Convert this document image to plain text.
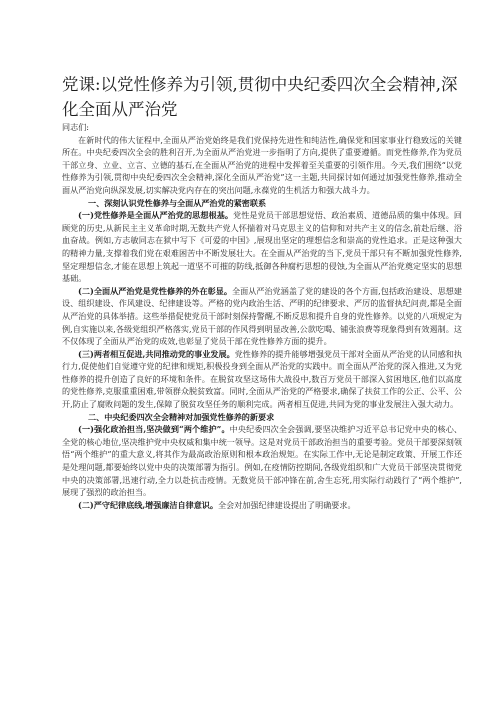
党课:以党性修养为引领,贯彻中央纪委四次全会精神,深化全面从严治党

同志们:

在新时代的伟大征程中,全面从严治党始终是我们党保持先进性和纯洁性,确保党和国家事业行稳致远的关键所在。中央纪委四次全会的胜利召开,为全面从严治党进一步指明了方向,提供了重要遵循。而党性修养,作为党员干部立身、立业、立言、立德的基石,在全面从严治党的进程中发挥着至关重要的引领作用。今天,我们围绕“以党性修养为引领,贯彻中央纪委四次全会精神,深化全面从严治党”这一主题,共同探讨如何通过加强党性修养,推动全面从严治党向纵深发展,切实解决党内存在的突出问题,永葆党的生机活力和强大战斗力。

一、深刻认识党性修养与全面从严治党的紧密联系

(一)党性修养是全面从严治党的思想根基。党性是党员干部思想觉悟、政治素质、道德品质的集中体现。回顾党的历史,从新民主主义革命时期,无数共产党人怀揣着对马克思主义的信仰和对共产主义的信念,前赴后继、浴血奋战。例如,方志敏同志在狱中写下《可爱的中国》,展现出坚定的理想信念和崇高的党性追求。正是这种强大的精神力量,支撑着我们党在艰难困苦中不断发展壮大。在全面从严治党的当下,党员干部只有不断加强党性修养,坚定理想信念,才能在思想上筑起一道坚不可摧的防线,抵御各种腐朽思想的侵蚀,为全面从严治党奠定坚实的思想基础。

(二)全面从严治党是党性修养的外在彰显。全面从严治党涵盖了党的建设的各个方面,包括政治建设、思想建设、组织建设、作风建设、纪律建设等。严格的党内政治生活、严明的纪律要求、严厉的监督执纪问责,都是全面从严治党的具体举措。这些举措促使党员干部时刻保持警醒,不断反思和提升自身的党性修养。以党的八项规定为例,自实施以来,各级党组织严格落实,党员干部的作风得到明显改善,公款吃喝、铺张浪费等现象得到有效遏制。这不仅体现了全面从严治党的成效,也彰显了党员干部在党性修养方面的提升。

(三)两者相互促进,共同推动党的事业发展。党性修养的提升能够增强党员干部对全面从严治党的认同感和执行力,促使他们自觉遵守党的纪律和规矩,积极投身到全面从严治党的实践中。而全面从严治党的深入推进,又为党性修养的提升创造了良好的环境和条件。在脱贫攻坚这场伟大战役中,数百万党员干部深入贫困地区,他们以高度的党性修养,克服重重困难,带领群众脱贫致富。同时,全面从严治党的严格要求,确保了扶贫工作的公正、公平、公开,防止了腐败问题的发生,保障了脱贫攻坚任务的顺利完成。两者相互促进,共同为党的事业发展注入强大动力。

二、中央纪委四次全会精神对加强党性修养的新要求

(一)强化政治担当,坚决做到“两个维护”。中央纪委四次全会强调,要坚决维护习近平总书记党中央的核心、全党的核心地位,坚决维护党中央权威和集中统一领导。这是对党员干部政治担当的重要考验。党员干部要深刻领悟“两个维护”的重大意义,将其作为最高政治原则和根本政治规矩。在实际工作中,无论是制定政策、开展工作还是处理问题,都要始终以党中央的决策部署为指引。例如,在疫情防控期间,各级党组织和广大党员干部坚决贯彻党中央的决策部署,迅速行动,全力以赴抗击疫情。无数党员干部冲锋在前,舍生忘死,用实际行动践行了“两个维护”,展现了强烈的政治担当。

(二)严守纪律底线,增强廉洁自律意识。全会对加强纪律建设提出了明确要求。
